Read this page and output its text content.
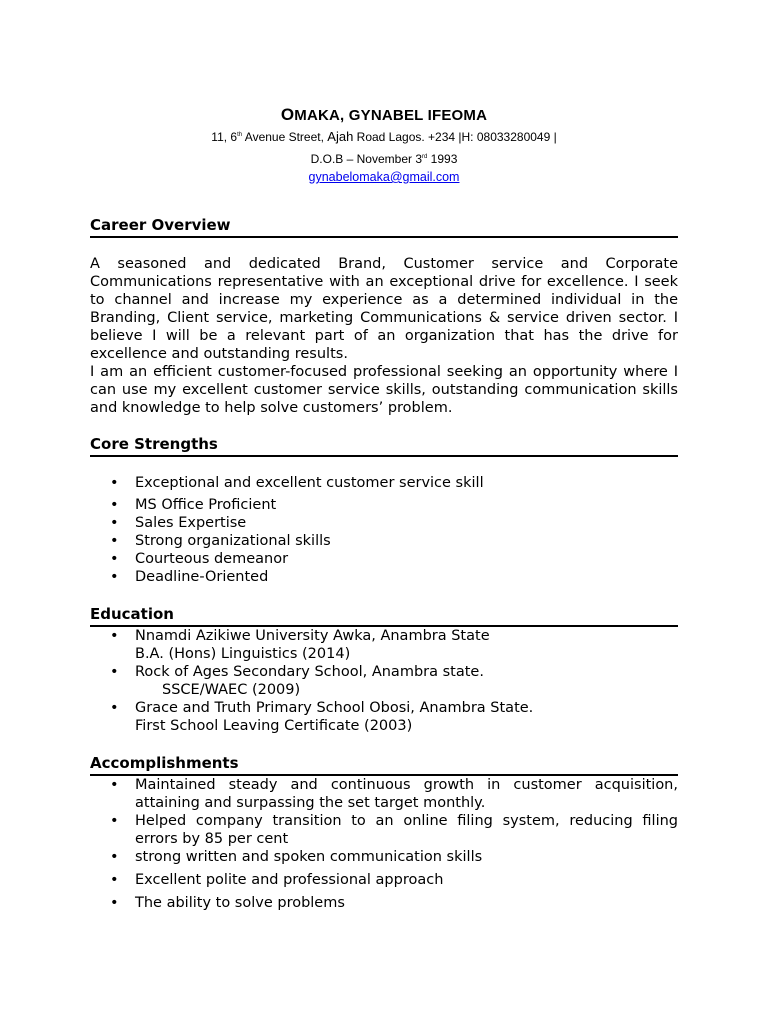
OMAKA, GYNABEL IFEOMA
11, 6th Avenue Street, Ajah Road Lagos. +234 |H: 08033280049 |
D.O.B – November 3rd 1993
gynabelomaka@gmail.com
Career Overview

A seasoned and dedicated Brand, Customer service and Corporate Communications representative with an exceptional drive for excellence. I seek to channel and increase my experience as a determined individual in the Branding, Client service, marketing Communications & service driven sector. I believe I will be a relevant part of an organization that has the drive for excellence and outstanding results.

I am an efficient customer-focused professional seeking an opportunity where I can use my excellent customer service skills, outstanding communication skills and knowledge to help solve customers’ problem.

Core Strengths
• Exceptional and excellent customer service skill
• MS Office Proficient
• Sales Expertise
• Strong organizational skills
• Courteous demeanor
• Deadline-Oriented
Education
• Nnamdi Azikiwe University Awka, Anambra State
B.A. (Hons) Linguistics (2014)
• Rock of Ages Secondary School, Anambra state.
SSCE/WAEC (2009)
• Grace and Truth Primary School Obosi, Anambra State.
First School Leaving Certificate (2003)
Accomplishments
• Maintained steady and continuous growth in customer acquisition, attaining and surpassing the set target monthly.
• Helped company transition to an online filing system, reducing filing errors by 85 per cent
• strong written and spoken communication skills
• Excellent polite and professional approach
• The ability to solve problems
